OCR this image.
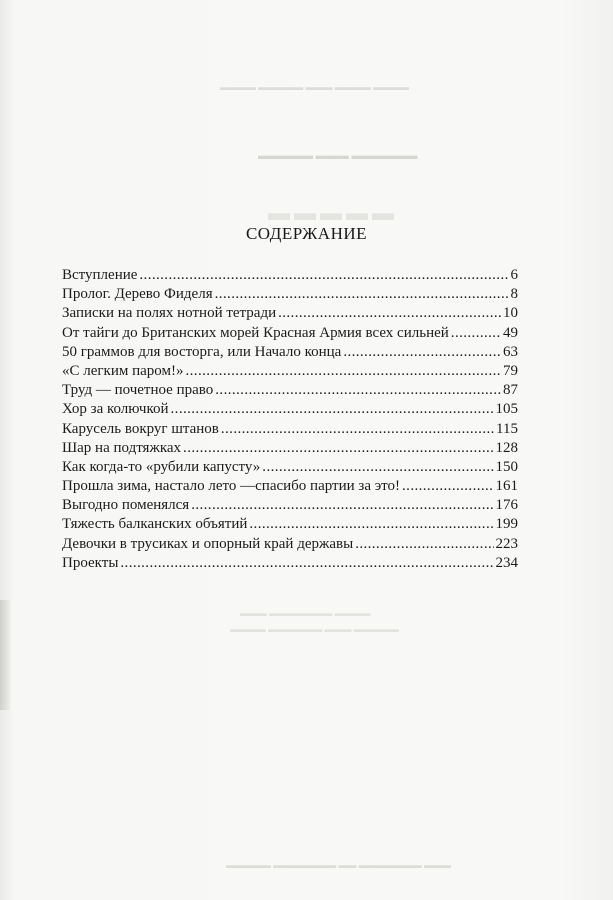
▬▬▬▬ ▬▬▬▬▬ ▬▬▬ ▬▬▬▬ ▬▬▬▬
▬▬▬▬▬ ▬▬▬ ▬▬▬▬▬▬
▬▬▬▬▬
▬▬▬ ▬▬▬▬▬▬▬ ▬▬▬▬
▬▬▬▬ ▬▬▬▬▬▬ ▬▬▬ ▬▬▬▬▬
▬▬▬▬▬ ▬▬▬▬▬▬▬ ▬▬ ▬▬▬▬▬▬▬ ▬▬▬
СОДЕРЖАНИЕ
Вступление .....	6
Пролог. Дерево Фиделя .....	8
Записки на полях нотной тетради .....	10
От тайги до Британских морей Красная Армия всех сильней .....	49
50 граммов для восторга, или Начало конца .....	63
«С легким паром!» .....	79
Труд — почетное право .....	87
Хор за колючкой .....	105
Карусель вокруг штанов .....	115
Шар на подтяжках .....	128
Как когда-то «рубили капусту» .....	150
Прошла зима, настало лето —спасибо партии за это! .....	161
Выгодно поменялся .....	176
Тяжесть балканских объятий .....	199
Девочки в трусиках и опорный край державы .....	223
Проекты .....	234
